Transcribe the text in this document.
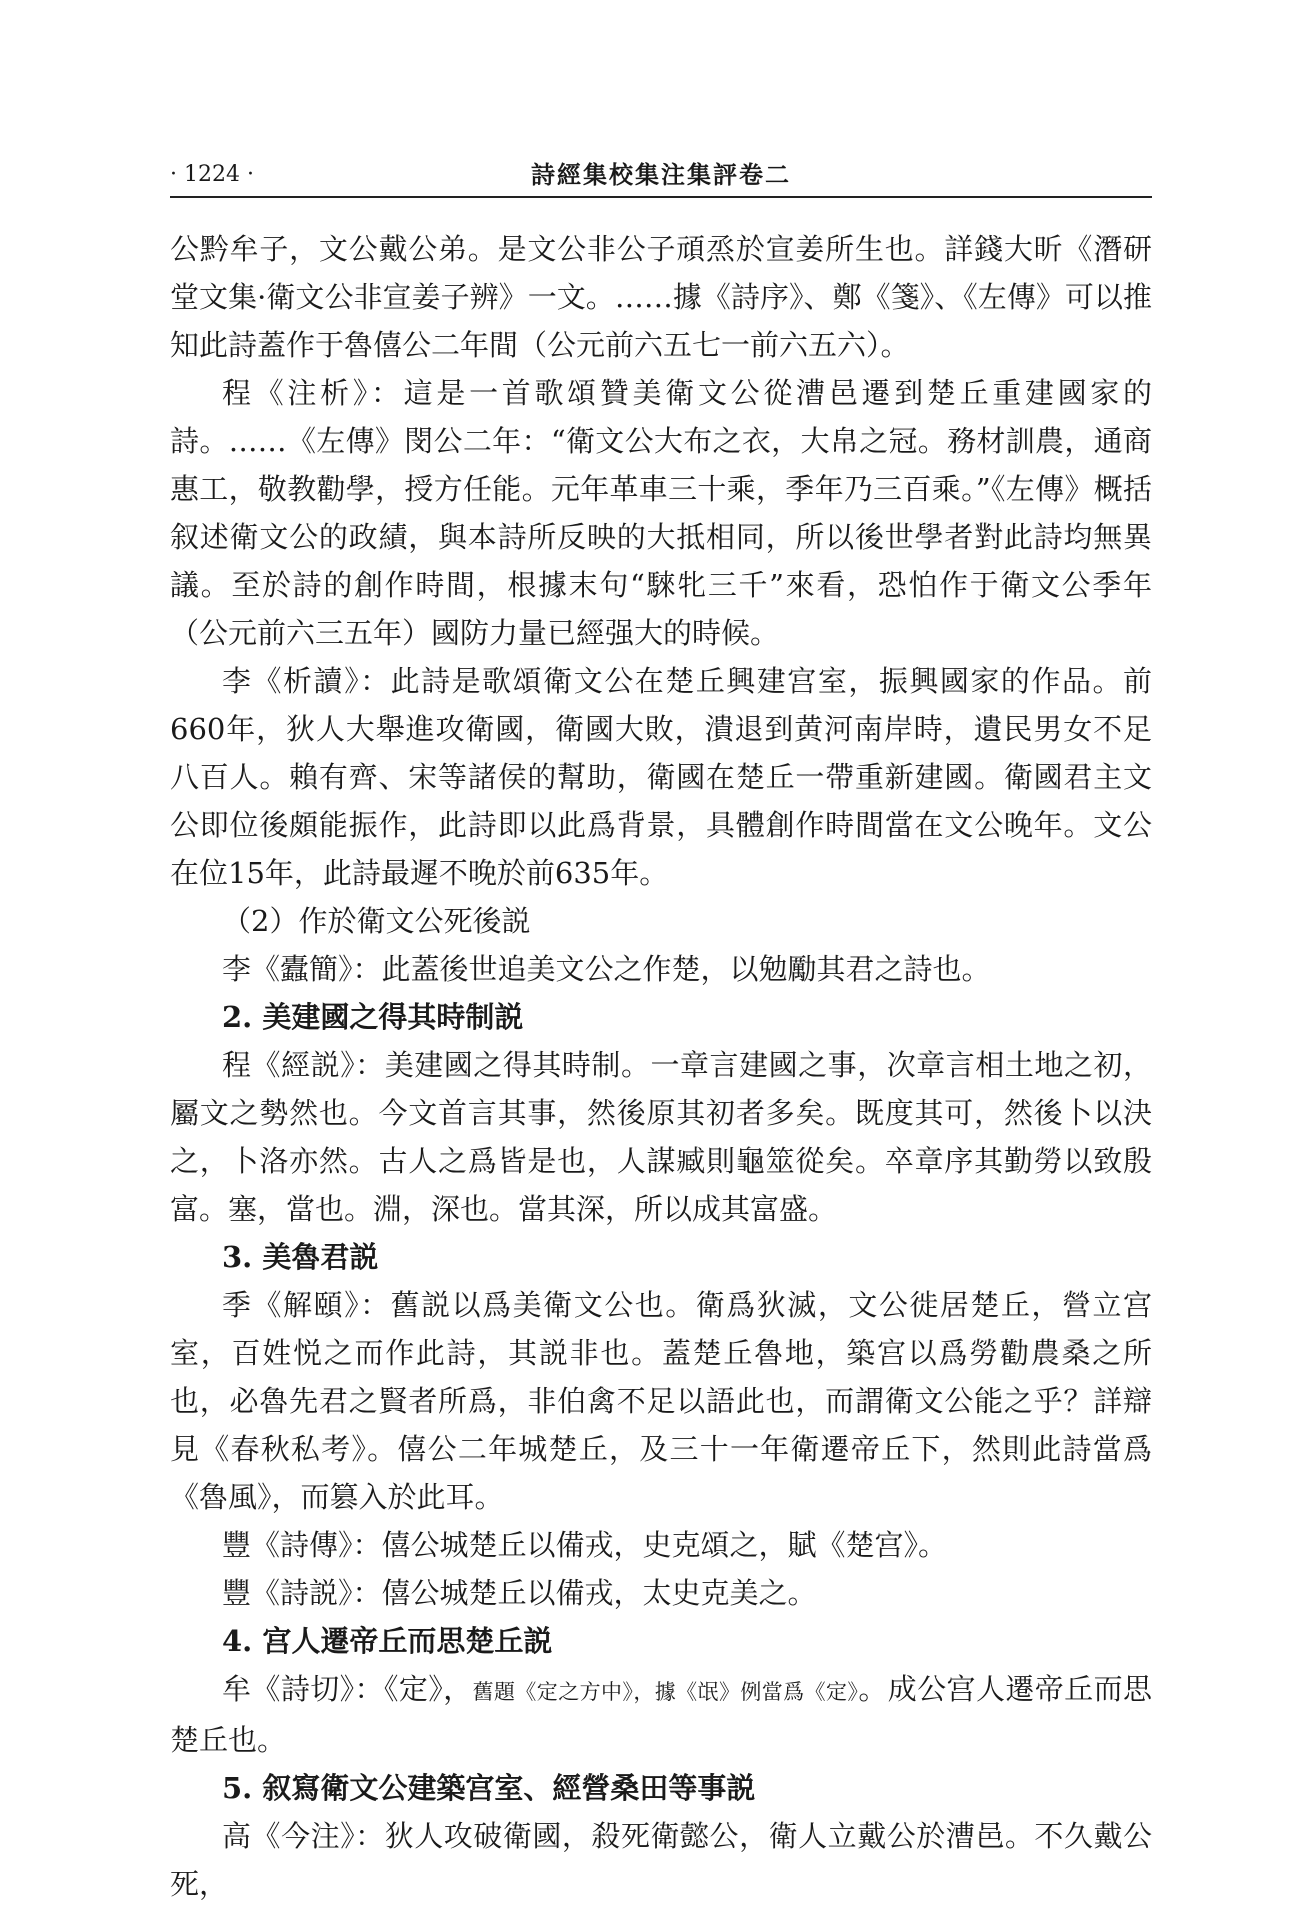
· 1224 ·	詩經集校集注集評卷二

公黔牟子，文公戴公弟。是文公非公子頑烝於宣姜所生也。詳錢大昕《潛研堂文集·衛文公非宣姜子辨》一文。……據《詩序》、鄭《箋》、《左傳》可以推知此詩蓋作于魯僖公二年間（公元前六五七一前六五六）。

程《注析》：這是一首歌頌贊美衛文公從漕邑遷到楚丘重建國家的詩。……《左傳》閔公二年：“衛文公大布之衣，大帛之冠。務材訓農，通商惠工，敬教勸學，授方任能。元年革車三十乘，季年乃三百乘。”《左傳》概括叙述衛文公的政績，與本詩所反映的大抵相同，所以後世學者對此詩均無異議。至於詩的創作時間，根據末句“騋牝三千”來看，恐怕作于衛文公季年（公元前六三五年）國防力量已經强大的時候。

李《析讀》：此詩是歌頌衛文公在楚丘興建宫室，振興國家的作品。前660年，狄人大舉進攻衛國，衛國大敗，潰退到黄河南岸時，遺民男女不足八百人。賴有齊、宋等諸侯的幫助，衛國在楚丘一帶重新建國。衛國君主文公即位後頗能振作，此詩即以此爲背景，具體創作時間當在文公晚年。文公在位15年，此詩最遲不晚於前635年。

（2）作於衛文公死後説

李《蠹簡》：此蓋後世追美文公之作楚，以勉勵其君之詩也。

2. 美建國之得其時制説

程《經説》：美建國之得其時制。一章言建國之事，次章言相土地之初，屬文之勢然也。今文首言其事，然後原其初者多矣。既度其可，然後卜以決之，卜洛亦然。古人之爲皆是也，人謀臧則龜筮從矣。卒章序其勤勞以致殷富。塞，當也。淵，深也。當其深，所以成其富盛。

3. 美魯君説

季《解頤》：舊説以爲美衛文公也。衛爲狄滅，文公徙居楚丘，營立宫室，百姓悦之而作此詩，其説非也。蓋楚丘魯地，築宫以爲勞勸農桑之所也，必魯先君之賢者所爲，非伯禽不足以語此也，而謂衛文公能之乎？詳辯見《春秋私考》。僖公二年城楚丘，及三十一年衛遷帝丘下，然則此詩當爲《魯風》，而篡入於此耳。

豐《詩傳》：僖公城楚丘以備戎，史克頌之，賦《楚宫》。

豐《詩説》：僖公城楚丘以備戎，太史克美之。

4. 宫人遷帝丘而思楚丘説

牟《詩切》：《定》，舊題《定之方中》，據《氓》例當爲《定》。成公宫人遷帝丘而思楚丘也。

5. 叙寫衛文公建築宫室、經營桑田等事説

高《今注》：狄人攻破衛國，殺死衛懿公，衛人立戴公於漕邑。不久戴公死，
